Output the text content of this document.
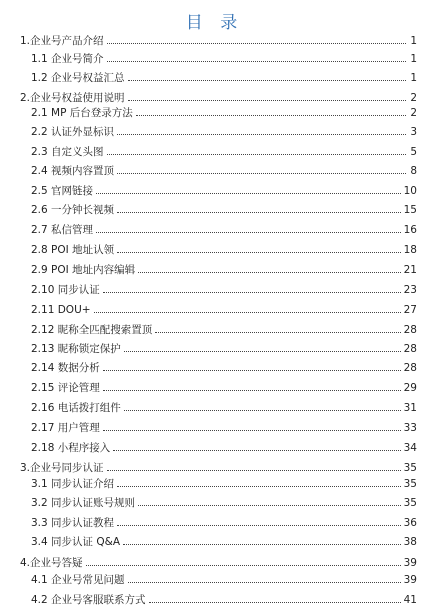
目 录
1.企业号产品介绍	1
1.1 企业号简介	1
1.2 企业号权益汇总	1
2.企业号权益使用说明	2
2.1 MP 后台登录方法	2
2.2 认证外显标识	3
2.3 自定义头图	5
2.4 视频内容置顶	8
2.5 官网链接	10
2.6 一分钟长视频	15
2.7 私信管理	16
2.8 POI 地址认领	18
2.9 POI 地址内容编辑	21
2.10 同步认证	23
2.11 DOU+	27
2.12 昵称全匹配搜索置顶	28
2.13 昵称锁定保护	28
2.14 数据分析	28
2.15 评论管理	29
2.16 电话拨打组件	31
2.17 用户管理	33
2.18 小程序接入	34
3.企业号同步认证	35
3.1 同步认证介绍	35
3.2 同步认证账号规则	35
3.3 同步认证教程	36
3.4 同步认证 Q&A	38
4.企业号答疑	39
4.1 企业号常见问题	39
4.2 企业号客服联系方式	41
